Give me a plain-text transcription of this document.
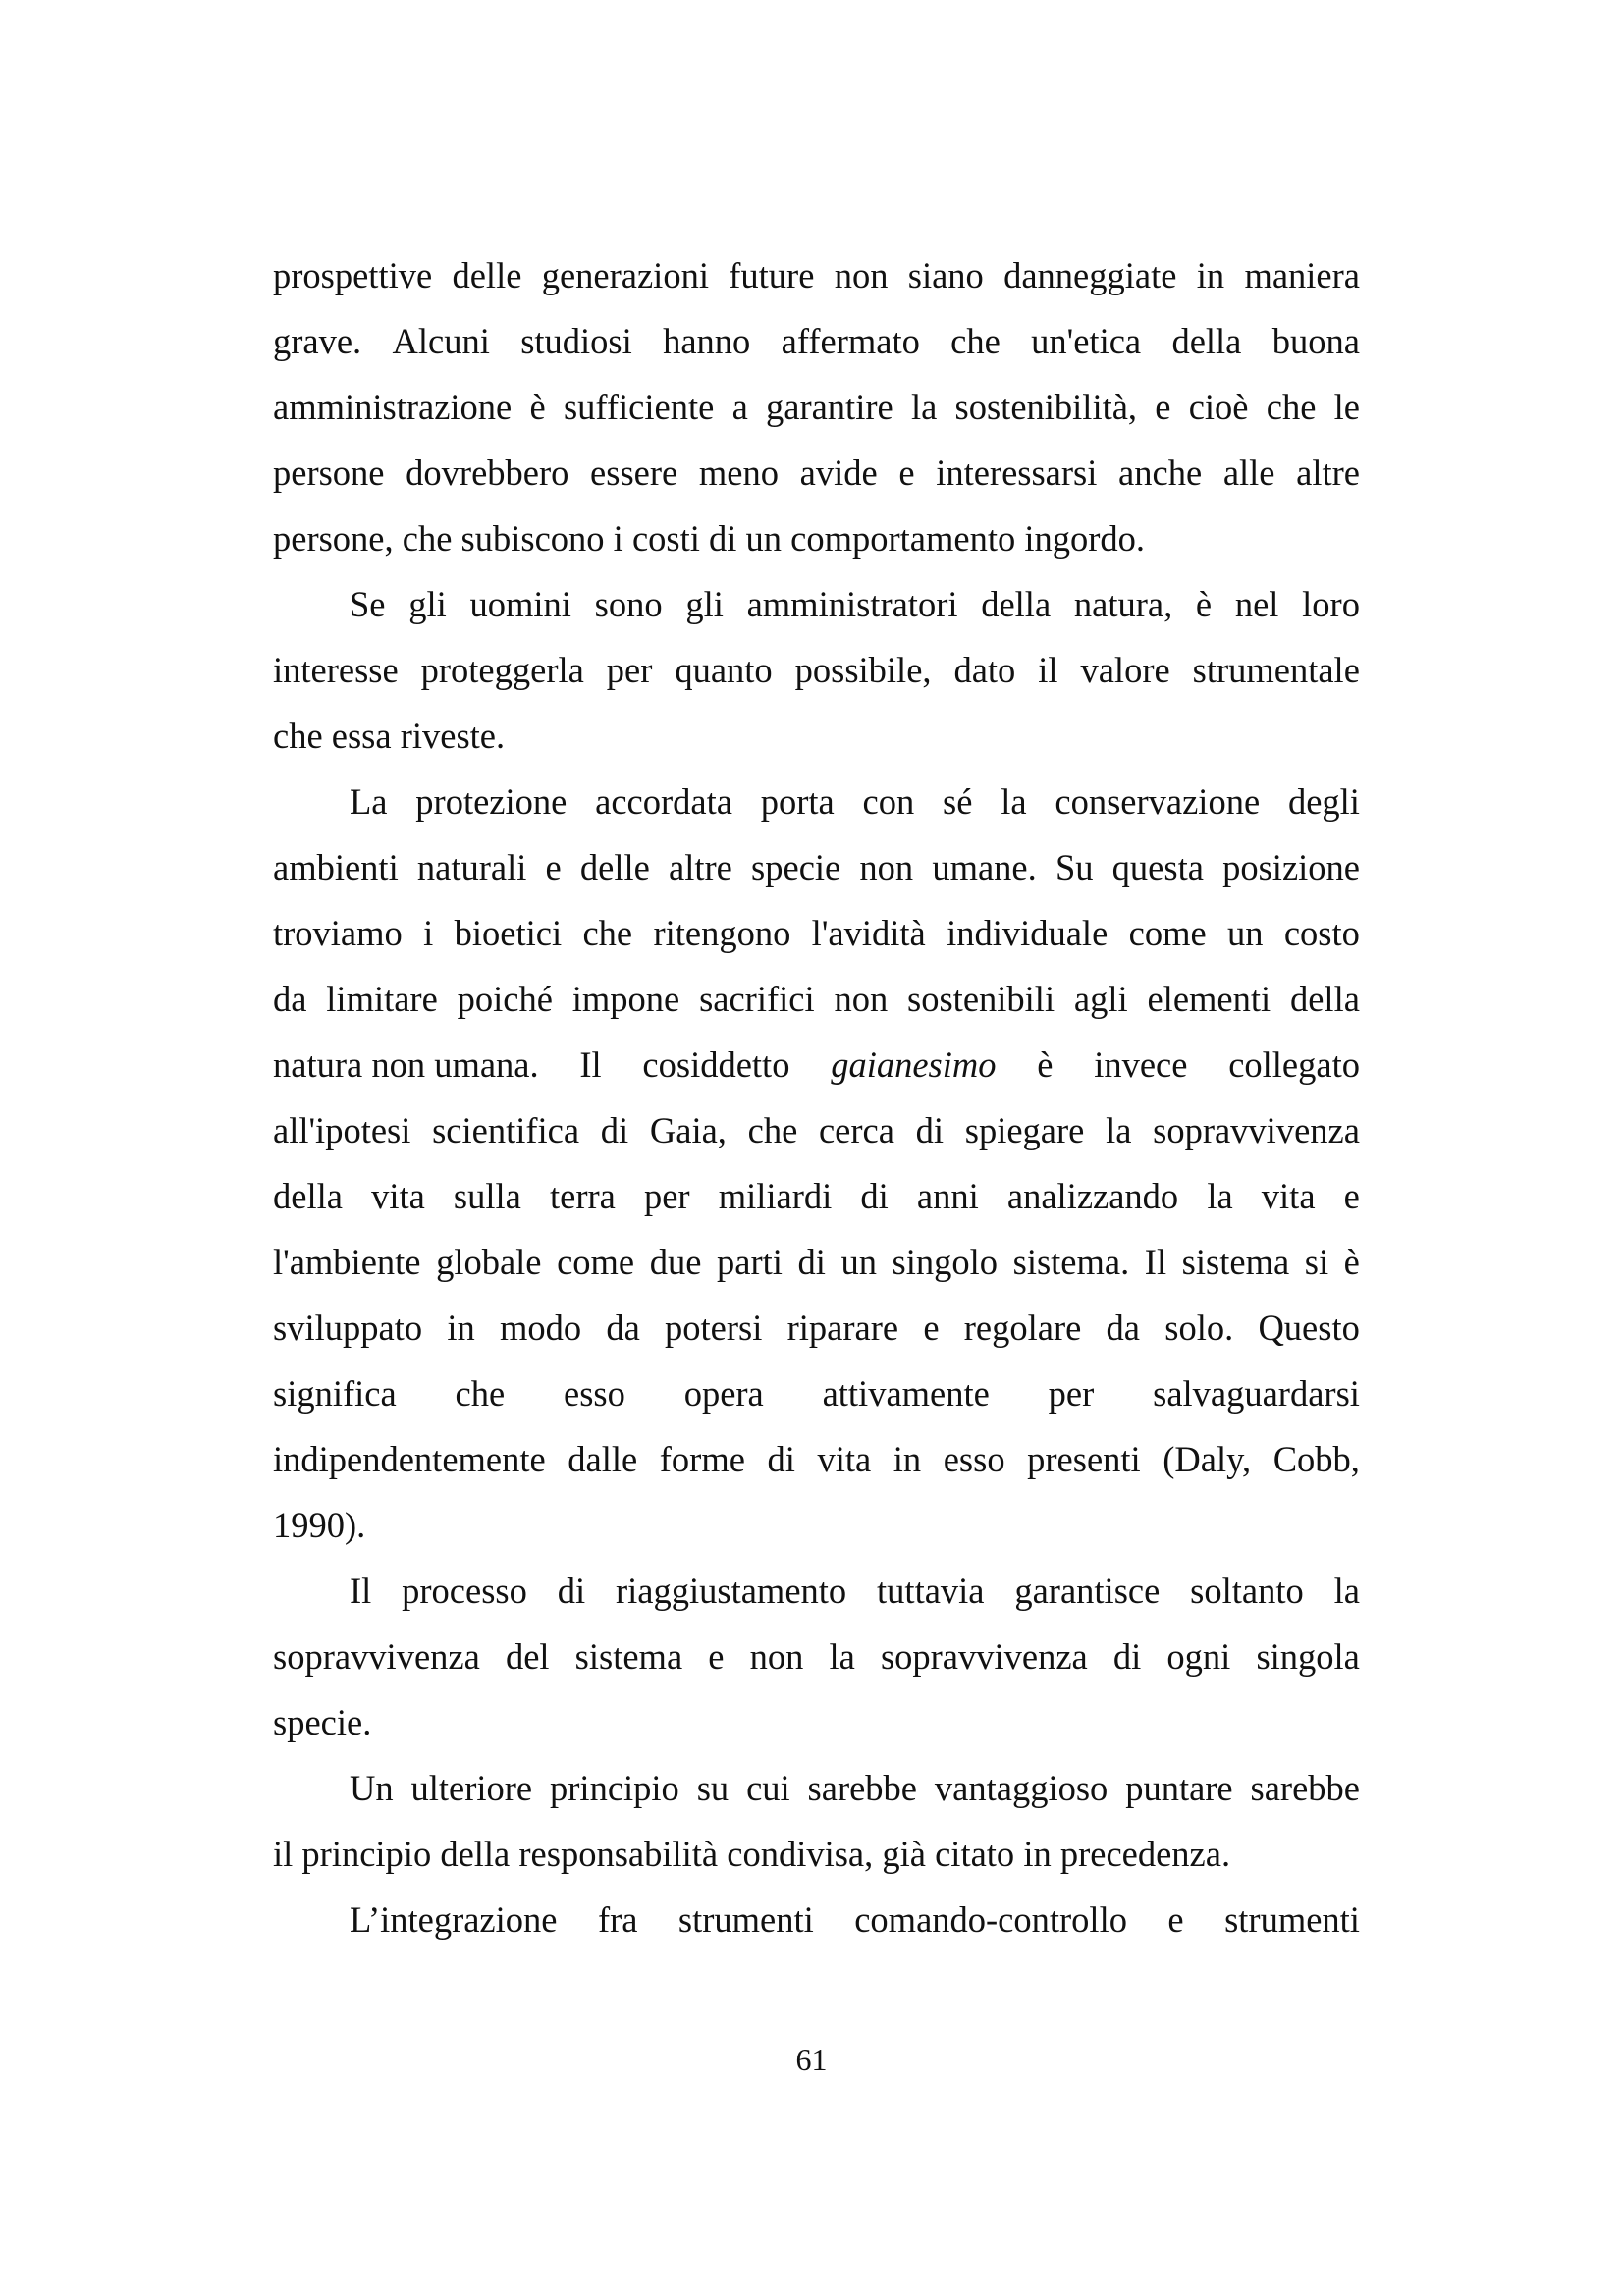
prospettive delle generazioni future non siano danneggiate in maniera
grave. Alcuni studiosi hanno affermato che un'etica della buona
amministrazione è sufficiente a garantire la sostenibilità, e cioè che le
persone dovrebbero essere meno avide e interessarsi anche alle altre
persone, che subiscono i costi di un comportamento ingordo.
Se gli uomini sono gli amministratori della natura, è nel loro
interesse proteggerla per quanto possibile, dato il valore strumentale
che essa riveste.
La protezione accordata porta con sé la conservazione degli
ambienti naturali e delle altre specie non umane. Su questa posizione
troviamo i bioetici che ritengono l'avidità individuale come un costo
da limitare poiché impone sacrifici non sostenibili agli elementi della
natura non umana. Il cosiddetto gaianesimo è invece collegato
all'ipotesi scientifica di Gaia, che cerca di spiegare la sopravvivenza
della vita sulla terra per miliardi di anni analizzando la vita e
l'ambiente globale come due parti di un singolo sistema. Il sistema si è
sviluppato in modo da potersi riparare e regolare da solo. Questo
significa che esso opera attivamente per salvaguardarsi
indipendentemente dalle forme di vita in esso presenti (Daly, Cobb,
1990).
Il processo di riaggiustamento tuttavia garantisce soltanto la
sopravvivenza del sistema e non la sopravvivenza di ogni singola
specie.
Un ulteriore principio su cui sarebbe vantaggioso puntare sarebbe
il principio della responsabilità condivisa, già citato in precedenza.
L’integrazione fra strumenti comando-controllo e strumenti
61
